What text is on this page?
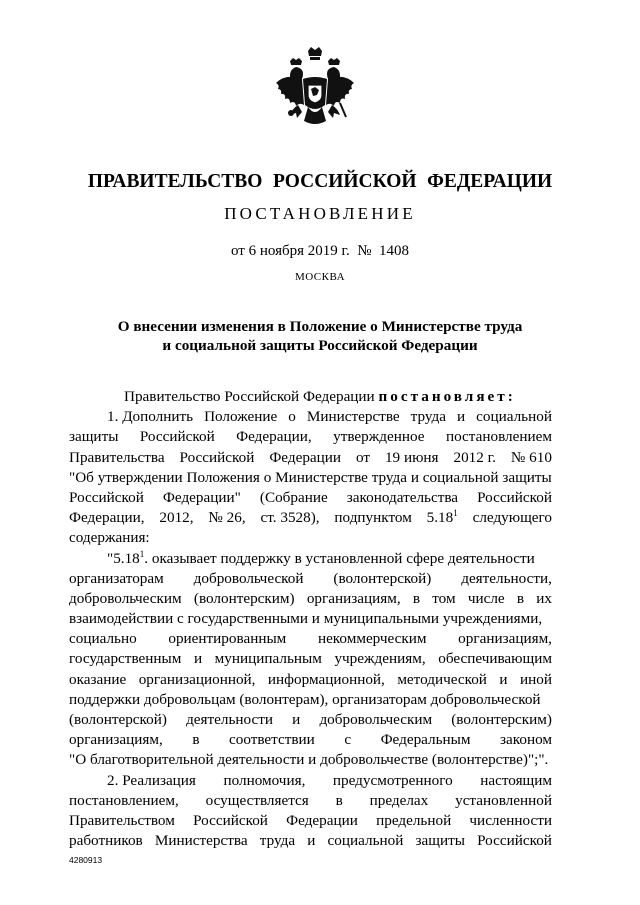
ПРАВИТЕЛЬСТВО РОССИЙСКОЙ ФЕДЕРАЦИИ
ПОСТАНОВЛЕНИЕ
от 6 ноября 2019 г. № 1408
МОСКВА
О внесении изменения в Положение о Министерстве труда
и социальной защиты Российской Федерации
Правительство Российской Федерации
постановляет:
1. Дополнить Положение о Министерстве труда и социальной
защиты Российской Федерации, утвержденное постановлением
Правительства Российской Федерации от 19 июня 2012 г. № 610
"Об утверждении Положения о Министерстве труда и социальной защиты
Российской Федерации" (Собрание законодательства Российской
Федерации, 2012, № 26, ст. 3528), подпунктом 5.18$^1$ следующего
содержания:
"5.18$^1$ . оказывает поддержку в установленной сфере деятельности
организаторам добровольческой (волонтерской) деятельности,
добровольческим (волонтерским) организациям, в том числе в их
взаимодействии с государственными и муниципальными учреждениями,
социально ориентированным некоммерческим организациям,
государственным и муниципальным учреждениям, обеспечивающим
оказание организационной, информационной, методической и иной
поддержки добровольцам (волонтерам), организаторам добровольческой
(волонтерской) деятельности и добровольческим (волонтерским)
организациям, в соответствии с Федеральным законом
"О благотворительной деятельности и добровольчестве (волонтерстве)";".
2. Реализация полномочия, предусмотренного настоящим
постановлением, осуществляется в пределах установленной
Правительством Российской Федерации предельной численности
работников Министерства труда и социальной защиты Российской
4280913
